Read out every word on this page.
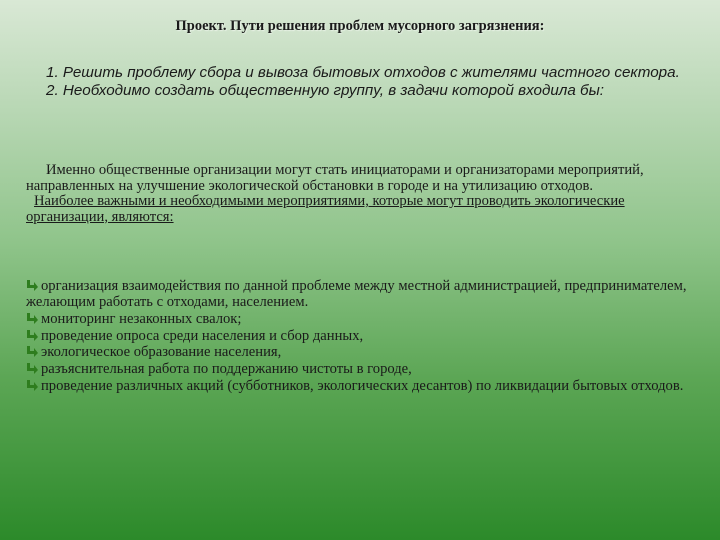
Проект. Пути решения проблем мусорного загрязнения:

1. Решить проблему сбора и вывоза бытовых отходов с жителями частного сектора.

2. Необходимо создать общественную группу, в задачи которой входила бы:

Именно общественные организации могут стать инициаторами и организаторами мероприятий, направленных на улучшение экологической обстановки в городе и на утилизацию отходов.

Наиболее важными и необходимыми мероприятиями, которые могут проводить экологические организации, являются:

организация взаимодействия по данной проблеме между местной администрацией, предпринимателем, желающим работать с отходами, населением.
мониторинг незаконных свалок;
проведение опроса среди населения и сбор данных,
экологическое образование населения,
разъяснительная работа по поддержанию чистоты в городе,
проведение различных акций (субботников, экологических десантов) по ликвидации бытовых отходов.
